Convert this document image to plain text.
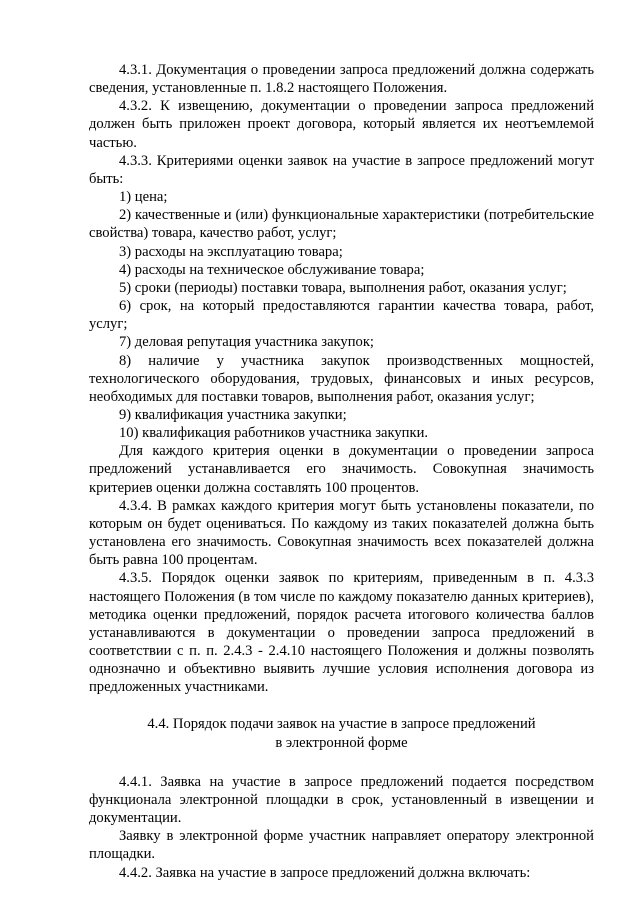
4.3.1. Документация о проведении запроса предложений должна содержать сведения, установленные п. 1.8.2 настоящего Положения.

4.3.2. К извещению, документации о проведении запроса предложений должен быть приложен проект договора, который является их неотъемлемой частью.

4.3.3. Критериями оценки заявок на участие в запросе предложений могут быть:

1) цена;

2) качественные и (или) функциональные характеристики (потребительские свойства) товара, качество работ, услуг;

3) расходы на эксплуатацию товара;

4) расходы на техническое обслуживание товара;

5) сроки (периоды) поставки товара, выполнения работ, оказания услуг;

6) срок, на который предоставляются гарантии качества товара, работ, услуг;

7) деловая репутация участника закупок;

8) наличие у участника закупок производственных мощностей, технологического оборудования, трудовых, финансовых и иных ресурсов, необходимых для поставки товаров, выполнения работ, оказания услуг;

9) квалификация участника закупки;

10) квалификация работников участника закупки.

Для каждого критерия оценки в документации о проведении запроса предложений устанавливается его значимость. Совокупная значимость критериев оценки должна составлять 100 процентов.

4.3.4. В рамках каждого критерия могут быть установлены показатели, по которым он будет оцениваться. По каждому из таких показателей должна быть установлена его значимость. Совокупная значимость всех показателей должна быть равна 100 процентам.

4.3.5. Порядок оценки заявок по критериям, приведенным в п. 4.3.3 настоящего Положения (в том числе по каждому показателю данных критериев), методика оценки предложений, порядок расчета итогового количества баллов устанавливаются в документации о проведении запроса предложений в соответствии с п. п. 2.4.3 - 2.4.10 настоящего Положения и должны позволять однозначно и объективно выявить лучшие условия исполнения договора из предложенных участниками.

4.4. Порядок подачи заявок на участие в запросе предложений
в электронной форме

4.4.1. Заявка на участие в запросе предложений подается посредством функционала электронной площадки в срок, установленный в извещении и документации.

Заявку в электронной форме участник направляет оператору электронной площадки.

4.4.2. Заявка на участие в запросе предложений должна включать:
